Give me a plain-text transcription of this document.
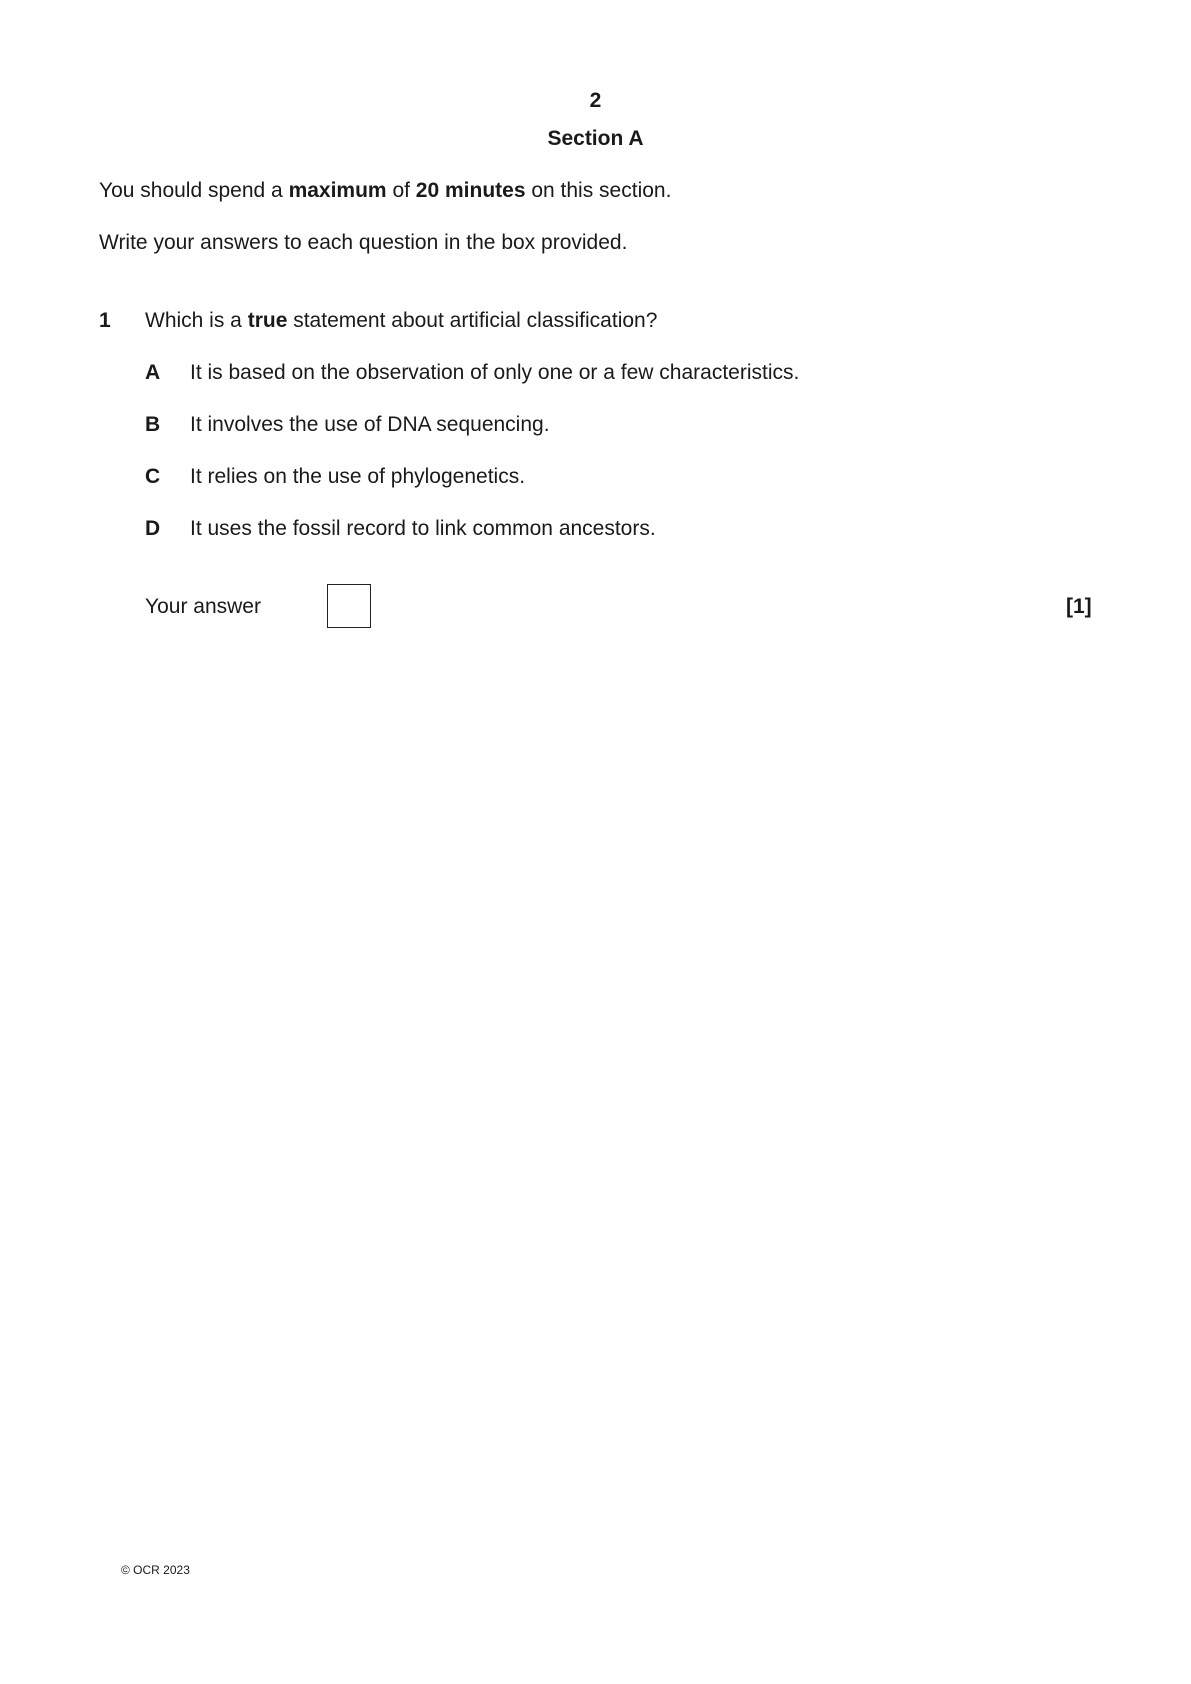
2
Section A
You should spend a maximum of 20 minutes on this section.
Write your answers to each question in the box provided.
1 Which is a true statement about artificial classification?
A It is based on the observation of only one or a few characteristics.
B It involves the use of DNA sequencing.
C It relies on the use of phylogenetics.
D It uses the fossil record to link common ancestors.
Your answer	[1]
© OCR 2023
